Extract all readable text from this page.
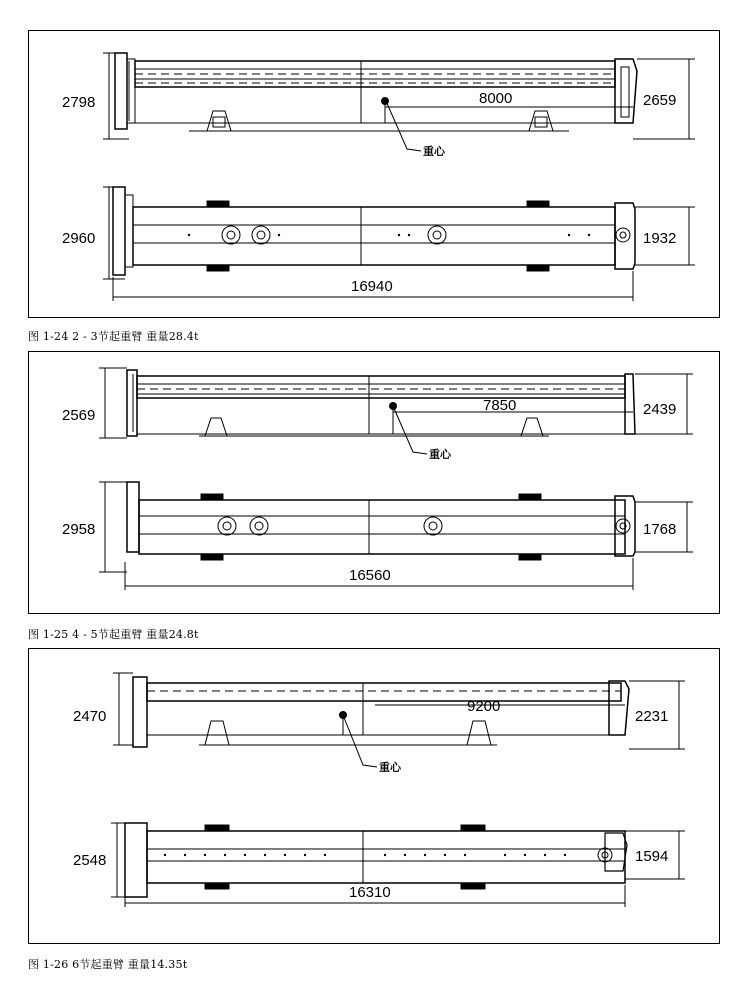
2798	2659
8000
重心
2960	1932
16940
图 1-24 2 - 3节起重臂 重量28.4t
2569	2439
7850
重心
2958	1768
16560
图 1-25 4 - 5节起重臂 重量24.8t
2470	2231
9200
重心
2548	1594
16310
图 1-26 6节起重臂 重量14.35t
